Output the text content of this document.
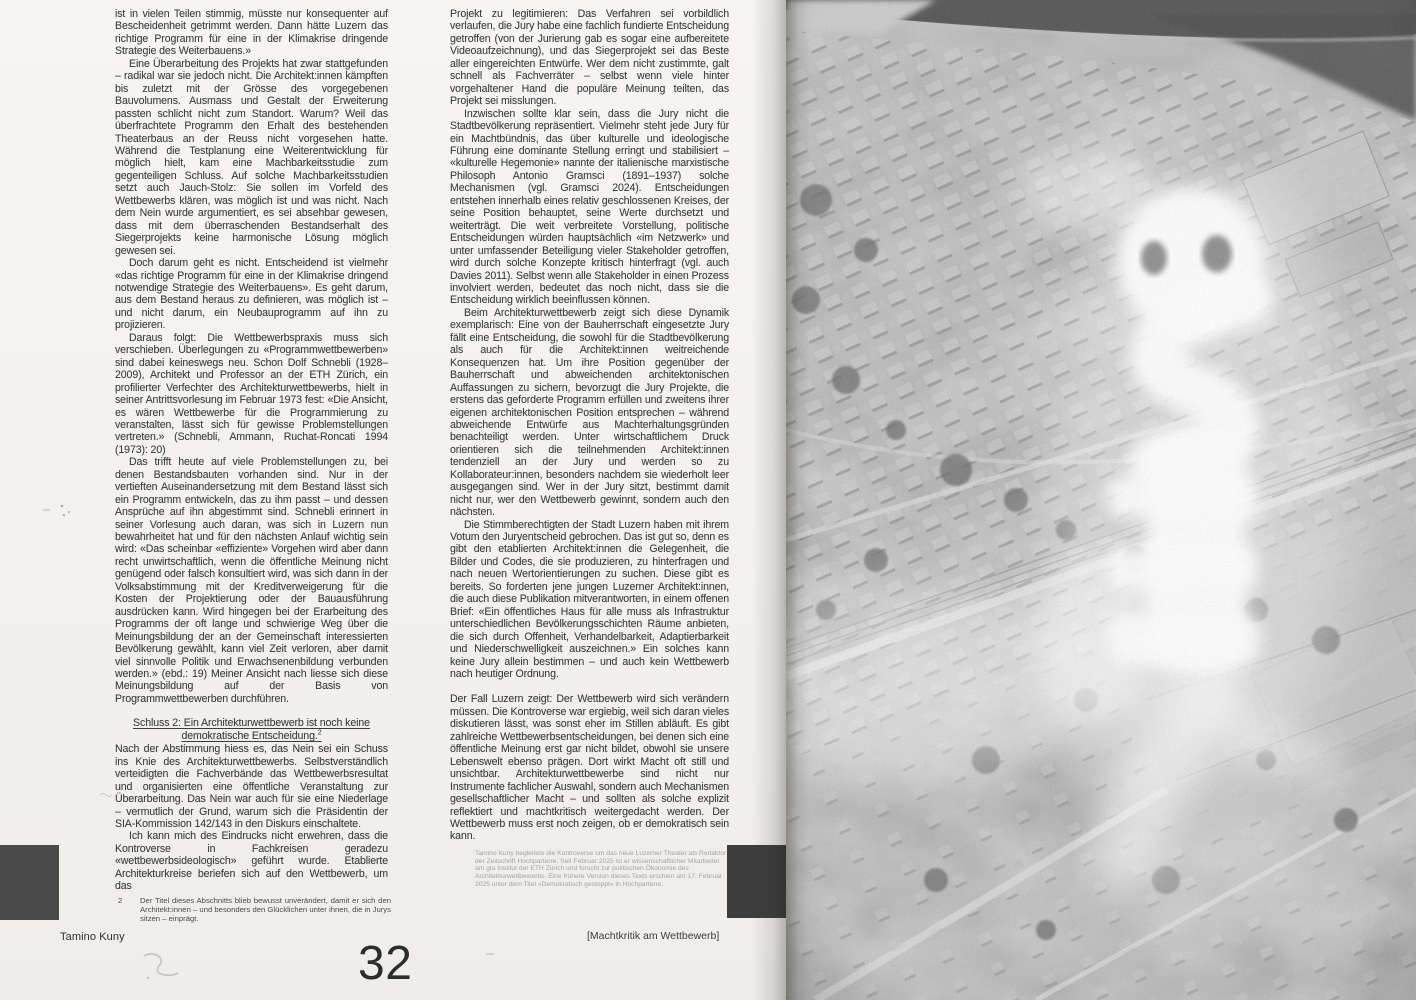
ist in vielen Teilen stimmig, müsste nur konsequenter auf Bescheidenheit getrimmt werden. Dann hätte Luzern das richtige Programm für eine in der Klimakrise dringende Strategie des Weiterbauens.»

Eine Überarbeitung des Projekts hat zwar stattgefunden – radikal war sie jedoch nicht. Die Architekt:innen kämpften bis zuletzt mit der Grösse des vorgegebenen Bauvolumens. Ausmass und Gestalt der Erweiterung passten schlicht nicht zum Standort. Warum? Weil das überfrachtete Programm den Erhalt des bestehenden Theaterbaus an der Reuss nicht vorgesehen hatte. Während die Testplanung eine Weiterentwicklung für möglich hielt, kam eine Machbarkeitsstudie zum gegenteiligen Schluss. Auf solche Machbarkeitsstudien setzt auch Jauch-Stolz: Sie sollen im Vorfeld des Wettbewerbs klären, was möglich ist und was nicht. Nach dem Nein wurde argumentiert, es sei absehbar gewesen, dass mit dem überraschenden Bestandserhalt des Siegerprojekts keine harmonische Lösung möglich gewesen sei.

Doch darum geht es nicht. Entscheidend ist vielmehr «das richtige Programm für eine in der Klimakrise dringend notwendige Strategie des Weiterbauens». Es geht darum, aus dem Bestand heraus zu definieren, was möglich ist – und nicht darum, ein Neubauprogramm auf ihn zu projizieren.

Daraus folgt: Die Wettbewerbspraxis muss sich verschieben. Überlegungen zu «Programmwettbewerben» sind dabei keineswegs neu. Schon Dolf Schnebli (1928–2009), Architekt und Professor an der ETH Zürich, ein profilierter Verfechter des Architekturwettbewerbs, hielt in seiner Antrittsvorlesung im Februar 1973 fest: «Die Ansicht, es wären Wettbewerbe für die Programmierung zu veranstalten, lässt sich für gewisse Problemstellungen vertreten.» (Schnebli, Ammann, Ruchat-Roncati 1994 (1973): 20)

Das trifft heute auf viele Problemstellungen zu, bei denen Bestandsbauten vorhanden sind. Nur in der vertieften Auseinandersetzung mit dem Bestand lässt sich ein Programm entwickeln, das zu ihm passt – und dessen Ansprüche auf ihn abgestimmt sind. Schnebli erinnert in seiner Vorlesung auch daran, was sich in Luzern nun bewahrheitet hat und für den nächsten Anlauf wichtig sein wird: «Das scheinbar «effiziente» Vorgehen wird aber dann recht unwirtschaftlich, wenn die öffentliche Meinung nicht genügend oder falsch konsultiert wird, was sich dann in der Volksabstimmung mit der Kreditverweigerung für die Kosten der Projektierung oder der Bauausführung ausdrücken kann. Wird hingegen bei der Erarbeitung des Programms der oft lange und schwierige Weg über die Meinungsbildung der an der Gemeinschaft interessierten Bevölkerung gewählt, kann viel Zeit verloren, aber damit viel sinnvolle Politik und Erwachsenenbildung verbunden werden.» (ebd.: 19) Meiner Ansicht nach liesse sich diese Meinungsbildung auf der Basis von Programmwettbewerben durchführen.

Schluss 2: Ein Architekturwettbewerb ist noch keine demokratische Entscheidung.$^2$

Nach der Abstimmung hiess es, das Nein sei ein Schuss ins Knie des Architekturwettbewerbs. Selbstverständlich verteidigten die Fachverbände das Wettbewerbsresultat und organisierten eine öffentliche Veranstaltung zur Überarbeitung. Das Nein war auch für sie eine Niederlage – vermutlich der Grund, warum sich die Präsidentin der SIA-Kommission 142/143 in den Diskurs einschaltete.

Ich kann mich des Eindrucks nicht erwehren, dass die Kontroverse in Fachkreisen geradezu «wettbewerbsideologisch» geführt wurde. Etablierte Architekturkreise beriefen sich auf den Wettbewerb, um das

Projekt zu legitimieren: Das Verfahren sei vorbildlich verlaufen, die Jury habe eine fachlich fundierte Entscheidung getroffen (von der Jurierung gab es sogar eine aufbereitete Videoaufzeichnung), und das Siegerprojekt sei das Beste aller eingereichten Entwürfe. Wer dem nicht zustimmte, galt schnell als Fachverräter – selbst wenn viele hinter vorgehaltener Hand die populäre Meinung teilten, das Projekt sei misslungen.

Inzwischen sollte klar sein, dass die Jury nicht die Stadtbevölkerung repräsentiert. Vielmehr steht jede Jury für ein Machtbündnis, das über kulturelle und ideologische Führung eine dominante Stellung erringt und stabilisiert – «kulturelle Hegemonie» nannte der italienische marxistische Philosoph Antonio Gramsci (1891–1937) solche Mechanismen (vgl. Gramsci 2024). Entscheidungen entstehen innerhalb eines relativ geschlossenen Kreises, der seine Position behauptet, seine Werte durchsetzt und weiterträgt. Die weit verbreitete Vorstellung, politische Entscheidungen würden hauptsächlich «im Netzwerk» und unter umfassender Beteiligung vieler Stakeholder getroffen, wird durch solche Konzepte kritisch hinterfragt (vgl. auch Davies 2011). Selbst wenn alle Stakeholder in einen Prozess involviert werden, bedeutet das noch nicht, dass sie die Entscheidung wirklich beeinflussen können.

Beim Architekturwettbewerb zeigt sich diese Dynamik exemplarisch: Eine von der Bauherrschaft eingesetzte Jury fällt eine Entscheidung, die sowohl für die Stadtbevölkerung als auch für die Architekt:innen weitreichende Konsequenzen hat. Um ihre Position gegenüber der Bauherrschaft und abweichenden architektonischen Auffassungen zu sichern, bevorzugt die Jury Projekte, die erstens das geforderte Programm erfüllen und zweitens ihrer eigenen architektonischen Position entsprechen – während abweichende Entwürfe aus Machterhaltungsgründen benachteiligt werden. Unter wirtschaftlichem Druck orientieren sich die teilnehmenden Architekt:innen tendenziell an der Jury und werden so zu Kollaborateur:innen, besonders nachdem sie wiederholt leer ausgegangen sind. Wer in der Jury sitzt, bestimmt damit nicht nur, wer den Wettbewerb gewinnt, sondern auch den nächsten.

Die Stimmberechtigten der Stadt Luzern haben mit ihrem Votum den Juryentscheid gebrochen. Das ist gut so, denn es gibt den etablierten Architekt:innen die Gelegenheit, die Bilder und Codes, die sie produzieren, zu hinterfragen und nach neuen Wertorientierungen zu suchen. Diese gibt es bereits. So forderten jene jungen Luzerner Architekt:innen, die auch diese Publikation mitverantworten, in einem offenen Brief: «Ein öffentliches Haus für alle muss als Infrastruktur unterschiedlichen Bevölkerungsschichten Räume anbieten, die sich durch Offenheit, Verhandelbarkeit, Adaptierbarkeit und Niederschwelligkeit auszeichnen.» Ein solches kann keine Jury allein bestimmen – und auch kein Wettbewerb nach heutiger Ordnung.

Der Fall Luzern zeigt: Der Wettbewerb wird sich verändern müssen. Die Kontroverse war ergiebig, weil sich daran vieles diskutieren lässt, was sonst eher im Stillen abläuft. Es gibt zahlreiche Wettbewerbsentscheidungen, bei denen sich eine öffentliche Meinung erst gar nicht bildet, obwohl sie unsere Lebenswelt ebenso prägen. Dort wirkt Macht oft still und unsichtbar. Architekturwettbewerbe sind nicht nur Instrumente fachlicher Auswahl, sondern auch Mechanismen gesellschaftlicher Macht – und sollten als solche explizit reflektiert und machtkritisch weitergedacht werden. Der Wettbewerb muss erst noch zeigen, ob er demokratisch sein kann.

Tamino Kuny begleitete die Kontroverse um das neue Luzerner Theater als Redaktor der Zeitschrift Hochparterre. Seit Februar 2025 ist er wissenschaftlicher Mitarbeiter am gta Institut der ETH Zürich und forscht zur politischen Ökonomie des Architekturwettbewerbs. Eine frühere Version dieses Texts erschien am 17. Februar 2025 unter dem Titel «Demokratisch gestoppt» in Hochparterre.
2 Der Titel dieses Abschnitts blieb bewusst unverändert, damit er sich den Architekt:innen – und besonders den Glücklichen unter ihnen, die in Jurys sitzen – einprägt.
Tamino Kuny	32
[Machtkritik am Wettbewerb]
